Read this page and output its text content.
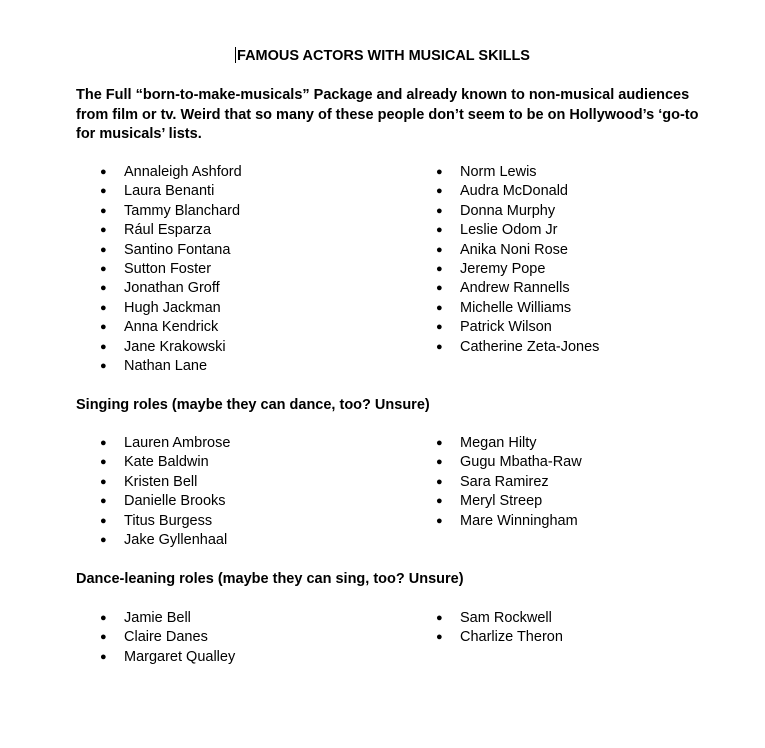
FAMOUS ACTORS WITH MUSICAL SKILLS
The Full “born-to-make-musicals” Package and already known to non-musical audiences from film or tv. Weird that so many of these people don’t seem to be on Hollywood’s ‘go-to for musicals’ lists.
●	Annaleigh Ashford
●	Laura Benanti
●	Tammy Blanchard
●	Rául Esparza
●	Santino Fontana
●	Sutton Foster
●	Jonathan Groff
●	Hugh Jackman
●	Anna Kendrick
●	Jane Krakowski
●	Nathan Lane
●	Norm Lewis
●	Audra McDonald
●	Donna Murphy
●	Leslie Odom Jr
●	Anika Noni Rose
●	Jeremy Pope
●	Andrew Rannells
●	Michelle Williams
●	Patrick Wilson
●	Catherine Zeta-Jones
Singing roles (maybe they can dance, too? Unsure)
●	Lauren Ambrose
●	Kate Baldwin
●	Kristen Bell
●	Danielle Brooks
●	Titus Burgess
●	Jake Gyllenhaal
●	Megan Hilty
●	Gugu Mbatha-Raw
●	Sara Ramirez
●	Meryl Streep
●	Mare Winningham
Dance-leaning roles (maybe they can sing, too? Unsure)
●	Jamie Bell
●	Claire Danes
●	Margaret Qualley
●	Sam Rockwell
●	Charlize Theron
